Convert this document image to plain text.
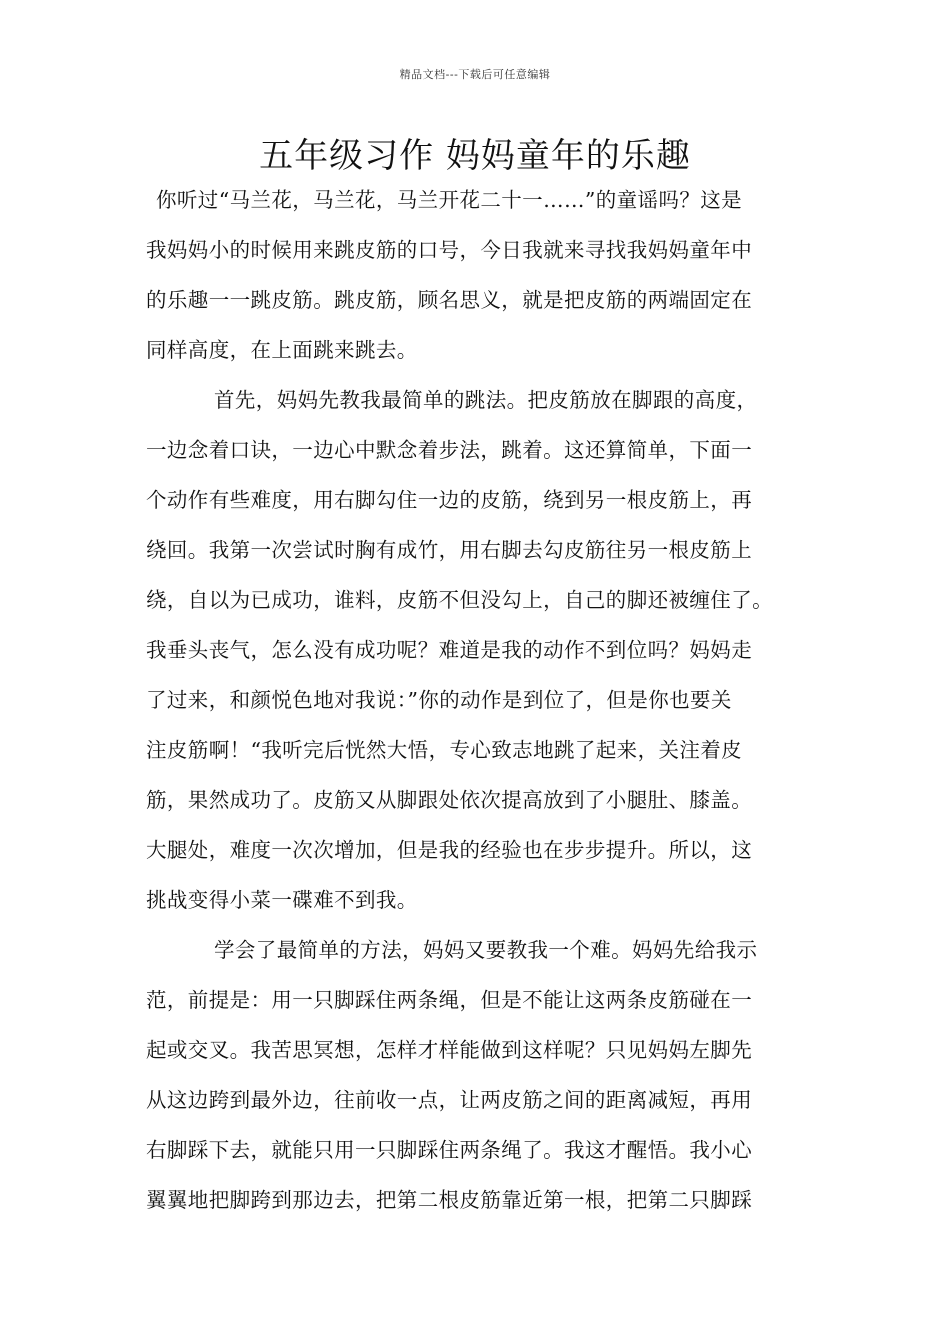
精品文档---下载后可任意编辑
五年级习作 妈妈童年的乐趣
你听过“马兰花，马兰花，马兰开花二十一……”的童谣吗？这是
我妈妈小的时候用来跳皮筋的口号，今日我就来寻找我妈妈童年中
的乐趣一一跳皮筋。跳皮筋，顾名思义，就是把皮筋的两端固定在
同样高度，在上面跳来跳去。
首先，妈妈先教我最简单的跳法。把皮筋放在脚跟的高度，
一边念着口诀，一边心中默念着步法，跳着。这还算简单，下面一
个动作有些难度，用右脚勾住一边的皮筋，绕到另一根皮筋上，再
绕回。我第一次尝试时胸有成竹，用右脚去勾皮筋往另一根皮筋上
绕，自以为已成功，谁料，皮筋不但没勾上，自己的脚还被缠住了。
我垂头丧气，怎么没有成功呢？难道是我的动作不到位吗？妈妈走
了过来，和颜悦色地对我说：”你的动作是到位了，但是你也要关
注皮筋啊！“我听完后恍然大悟，专心致志地跳了起来，关注着皮
筋，果然成功了。皮筋又从脚跟处依次提高放到了小腿肚、膝盖。
大腿处，难度一次次增加，但是我的经验也在步步提升。所以，这
挑战变得小菜一碟难不到我。
学会了最简单的方法，妈妈又要教我一个难。妈妈先给我示
范，前提是：用一只脚踩住两条绳，但是不能让这两条皮筋碰在一
起或交叉。我苦思冥想，怎样才样能做到这样呢？只见妈妈左脚先
从这边跨到最外边，往前收一点，让两皮筋之间的距离减短，再用
右脚踩下去，就能只用一只脚踩住两条绳了。我这才醒悟。我小心
翼翼地把脚跨到那边去，把第二根皮筋靠近第一根，把第二只脚踩
